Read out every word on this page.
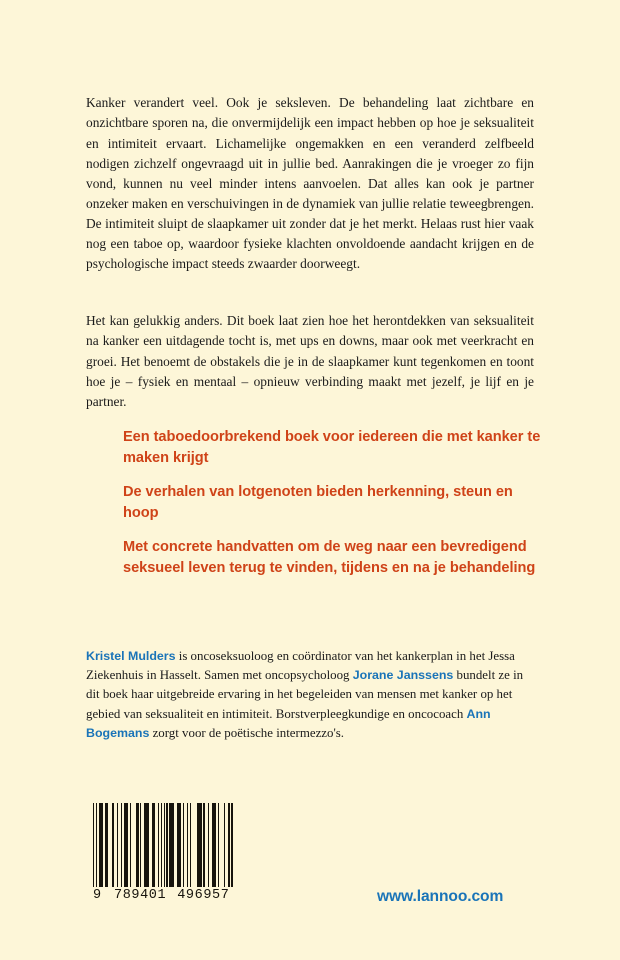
Kanker verandert veel. Ook je seksleven. De behandeling laat zichtbare en onzichtbare sporen na, die onvermijdelijk een impact hebben op hoe je seksualiteit en intimiteit ervaart. Lichamelijke ongemakken en een veranderd zelfbeeld nodigen zichzelf ongevraagd uit in jullie bed. Aanrakingen die je vroeger zo fijn vond, kunnen nu veel minder intens aanvoelen. Dat alles kan ook je partner onzeker maken en verschuivingen in de dynamiek van jullie relatie teweegbrengen. De intimiteit sluipt de slaapkamer uit zonder dat je het merkt. Helaas rust hier vaak nog een taboe op, waardoor fysieke klachten onvoldoende aandacht krijgen en de psychologische impact steeds zwaarder doorweegt.

Het kan gelukkig anders. Dit boek laat zien hoe het herontdekken van seksualiteit na kanker een uitdagende tocht is, met ups en downs, maar ook met veerkracht en groei. Het benoemt de obstakels die je in de slaapkamer kunt tegenkomen en toont hoe je – fysiek en mentaal – opnieuw verbinding maakt met jezelf, je lijf en je partner.

Een taboedoorbrekend boek voor iedereen die met kanker te maken krijgt
De verhalen van lotgenoten bieden herkenning, steun en hoop
Met concrete handvatten om de weg naar een bevredigend seksueel leven terug te vinden, tijdens en na je behandeling

Kristel Mulders is oncoseksuoloog en coördinator van het kankerplan in het Jessa Ziekenhuis in Hasselt. Samen met oncopsycholoog Jorane Janssens bundelt ze in dit boek haar uitgebreide ervaring in het begeleiden van mensen met kanker op het gebied van seksualiteit en intimiteit. Borstverpleegkundige en oncocoach Ann Bogemans zorgt voor de poëtische intermezzo's.

9 789401 496957	www.lannoo.com
